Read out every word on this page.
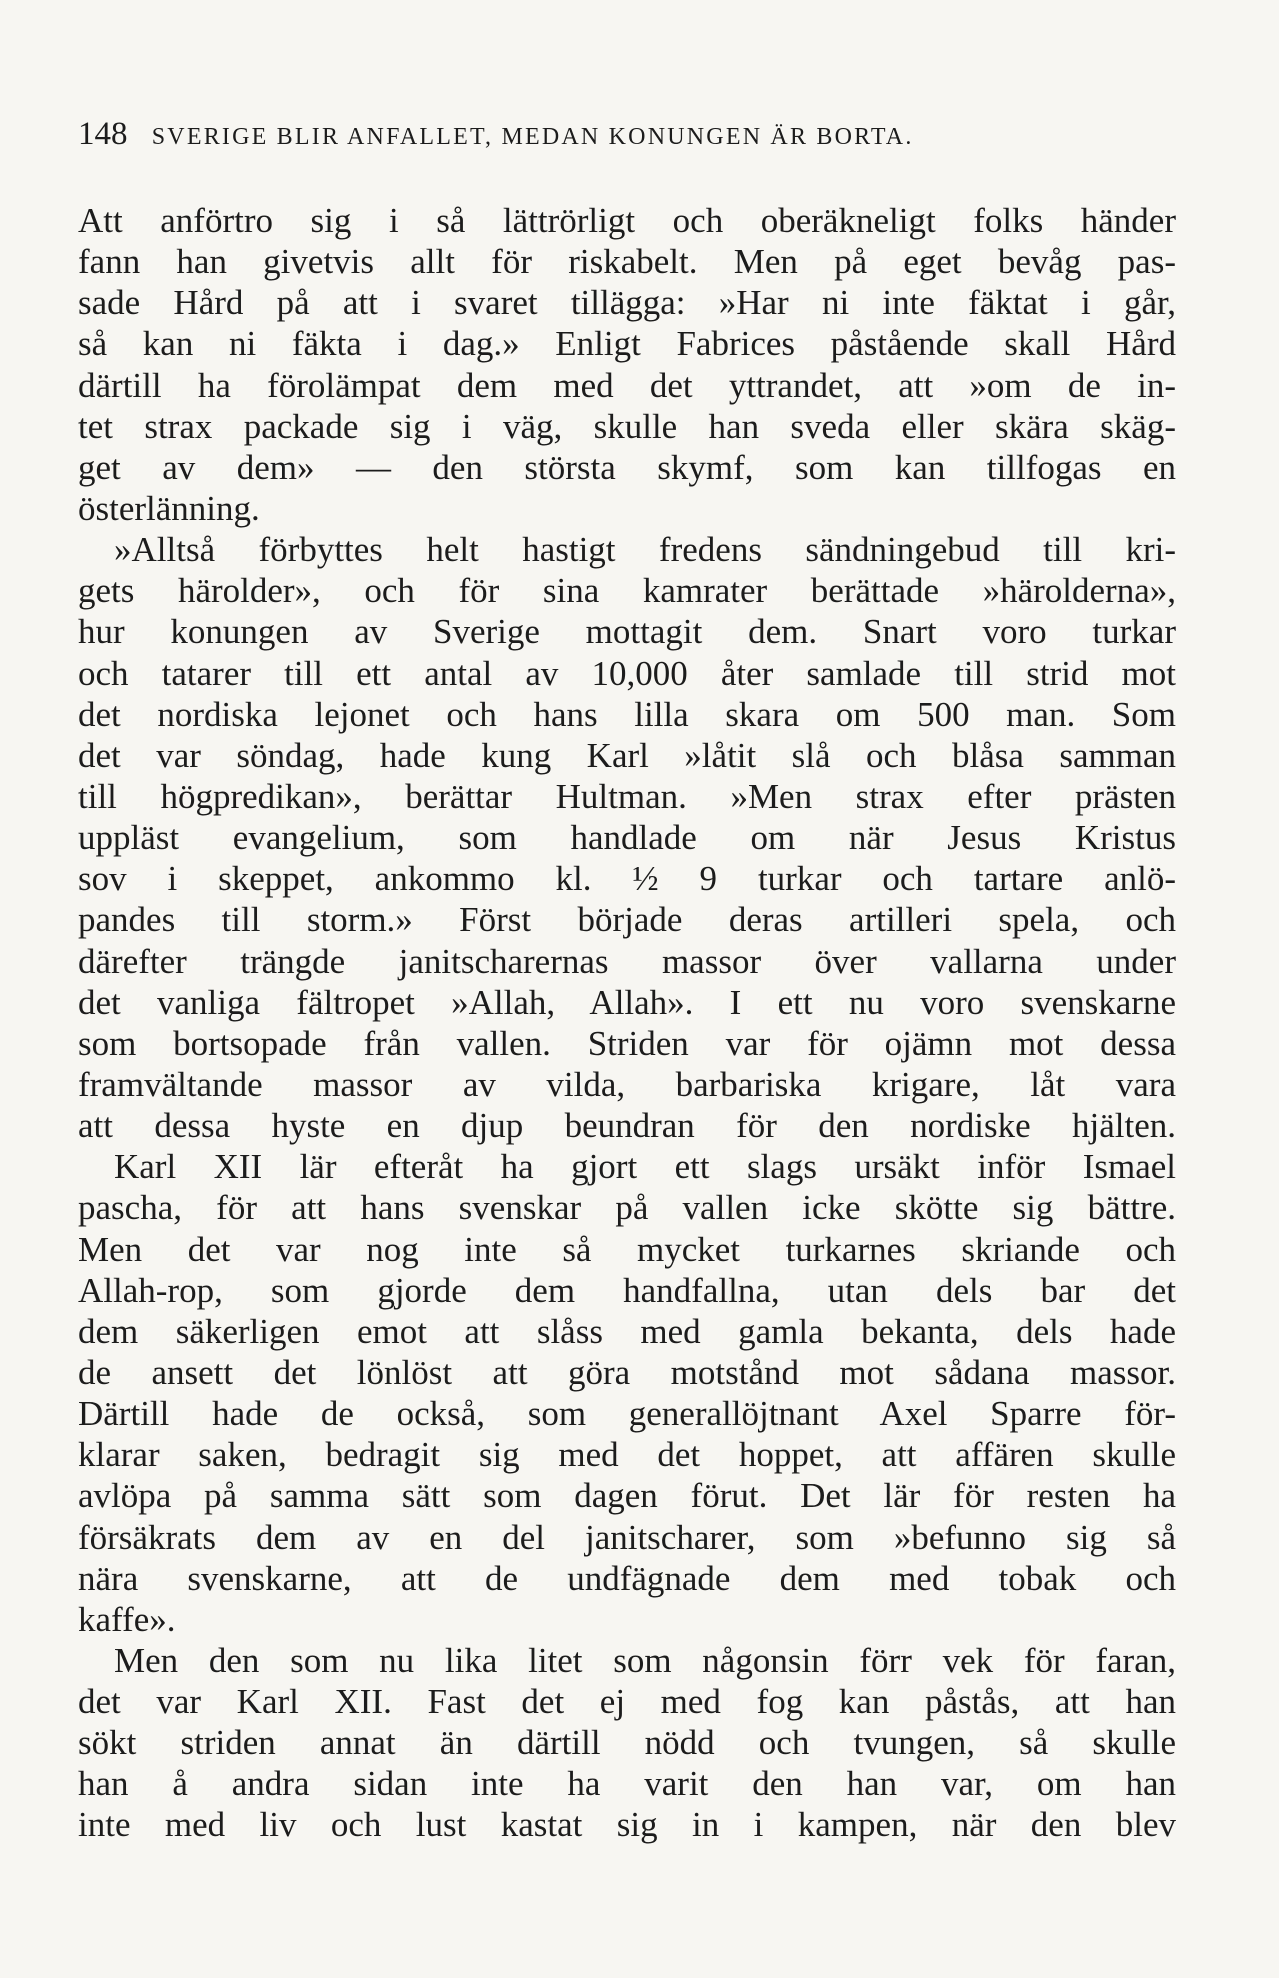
148 SVERIGE BLIR ANFALLET, MEDAN KONUNGEN ÄR BORTA.
Att anförtro sig i så lättrörligt och oberäkneligt folks händer
fann han givetvis allt för riskabelt. Men på eget bevåg pas-
sade Hård på att i svaret tillägga: »Har ni inte fäktat i går,
så kan ni fäkta i dag.» Enligt Fabrices påstående skall Hård
därtill ha förolämpat dem med det yttrandet, att »om de in-
tet strax packade sig i väg, skulle han sveda eller skära skäg-
get av dem» — den största skymf, som kan tillfogas en
österlänning.
»Alltså förbyttes helt hastigt fredens sändningebud till kri-
gets härolder», och för sina kamrater berättade »härolderna»,
hur konungen av Sverige mottagit dem. Snart voro turkar
och tatarer till ett antal av 10,000 åter samlade till strid mot
det nordiska lejonet och hans lilla skara om 500 man. Som
det var söndag, hade kung Karl »låtit slå och blåsa samman
till högpredikan», berättar Hultman. »Men strax efter prästen
uppläst evangelium, som handlade om när Jesus Kristus
sov i skeppet, ankommo kl. ½ 9 turkar och tartare anlö-
pandes till storm.» Först började deras artilleri spela, och
därefter trängde janitscharernas massor över vallarna under
det vanliga fältropet »Allah, Allah». I ett nu voro svenskarne
som bortsopade från vallen. Striden var för ojämn mot dessa
framvältande massor av vilda, barbariska krigare, låt vara
att dessa hyste en djup beundran för den nordiske hjälten.
Karl XII lär efteråt ha gjort ett slags ursäkt inför Ismael
pascha, för att hans svenskar på vallen icke skötte sig bättre.
Men det var nog inte så mycket turkarnes skriande och
Allah-rop, som gjorde dem handfallna, utan dels bar det
dem säkerligen emot att slåss med gamla bekanta, dels hade
de ansett det lönlöst att göra motstånd mot sådana massor.
Därtill hade de också, som generallöjtnant Axel Sparre för-
klarar saken, bedragit sig med det hoppet, att affären skulle
avlöpa på samma sätt som dagen förut. Det lär för resten ha
försäkrats dem av en del janitscharer, som »befunno sig så
nära svenskarne, att de undfägnade dem med tobak och
kaffe».
Men den som nu lika litet som någonsin förr vek för faran,
det var Karl XII. Fast det ej med fog kan påstås, att han
sökt striden annat än därtill nödd och tvungen, så skulle
han å andra sidan inte ha varit den han var, om han
inte med liv och lust kastat sig in i kampen, när den blev
